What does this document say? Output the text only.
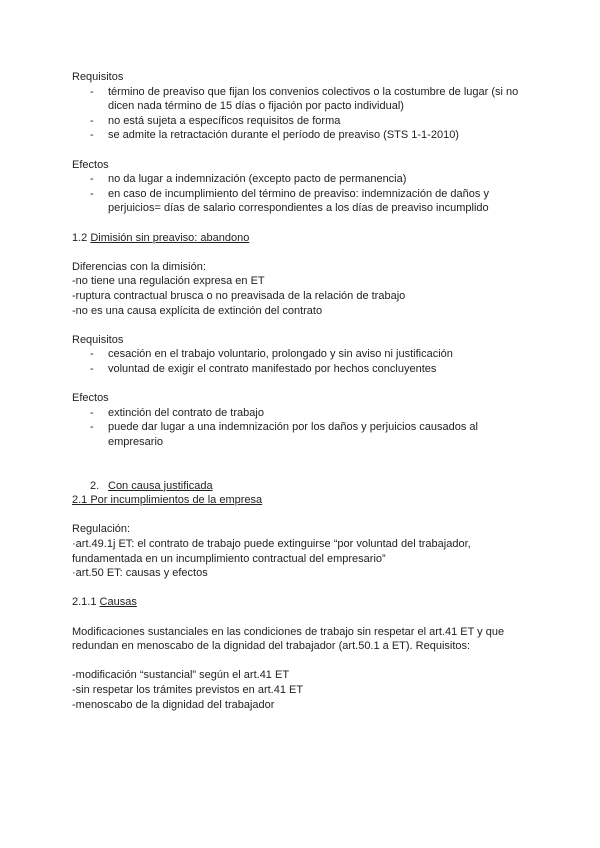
Requisitos

- término de preaviso que fijan los convenios colectivos o la costumbre de lugar (si no dicen nada término de 15 días o fijación por pacto individual)
- no está sujeta a específicos requisitos de forma
- se admite la retractación durante el período de preaviso (STS 1-1-2010)

Efectos

- no da lugar a indemnización (excepto pacto de permanencia)
- en caso de incumplimiento del término de preaviso: indemnización de daños y perjuicios= días de salario correspondientes a los días de preaviso incumplido

1.2 Dimisión sin preaviso: abandono

Diferencias con la dimisión:

-no tiene una regulación expresa en ET

-ruptura contractual brusca o no preavisada de la relación de trabajo

-no es una causa explícita de extinción del contrato

Requisitos

- cesación en el trabajo voluntario, prolongado y sin aviso ni justificación
- voluntad de exigir el contrato manifestado por hechos concluyentes

Efectos

- extinción del contrato de trabajo
- puede dar lugar a una indemnización por los daños y perjuicios causados al empresario
2. Con causa justificada

2.1 Por incumplimientos de la empresa

Regulación:

·art.49.1j ET: el contrato de trabajo puede extinguirse “por voluntad del trabajador, fundamentada en un incumplimiento contractual del empresario”

·art.50 ET: causas y efectos

2.1.1 Causas

Modificaciones sustanciales en las condiciones de trabajo sin respetar el art.41 ET y que redundan en menoscabo de la dignidad del trabajador (art.50.1 a ET). Requisitos:

-modificación “sustancial” según el art.41 ET

-sin respetar los trámites previstos en art.41 ET

-menoscabo de la dignidad del trabajador
